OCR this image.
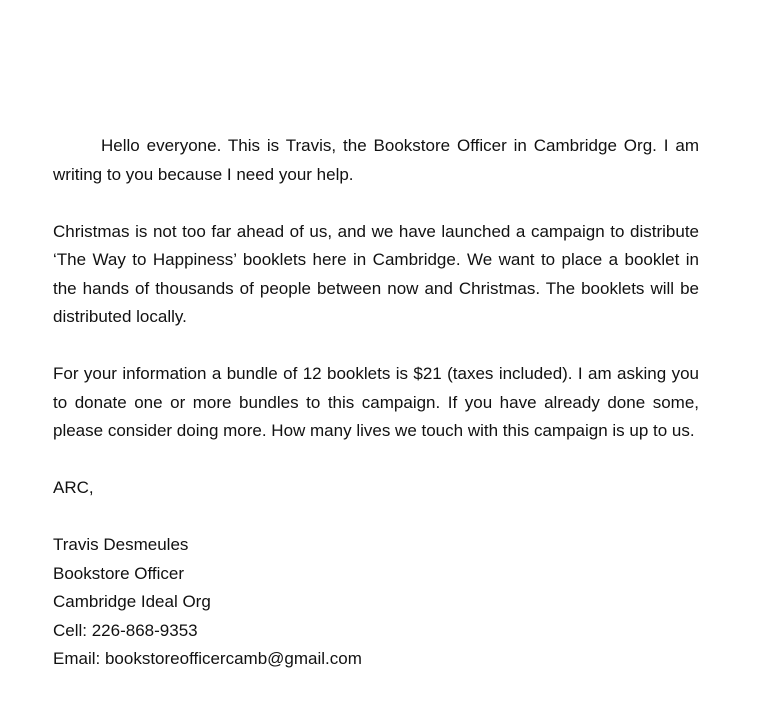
Hello everyone. This is Travis, the Bookstore Officer in Cambridge Org. I am writing to you because I need your help.

Christmas is not too far ahead of us, and we have launched a campaign to distribute ‘The Way to Happiness’ booklets here in Cambridge. We want to place a booklet in the hands of thousands of people between now and Christmas. The booklets will be distributed locally.

For your information a bundle of 12 booklets is $21 (taxes included). I am asking you to donate one or more bundles to this campaign. If you have already done some, please consider doing more. How many lives we touch with this campaign is up to us.

ARC,

Travis Desmeules
Bookstore Officer
Cambridge Ideal Org
Cell: 226-868-9353
Email: bookstoreofficercamb@gmail.com
